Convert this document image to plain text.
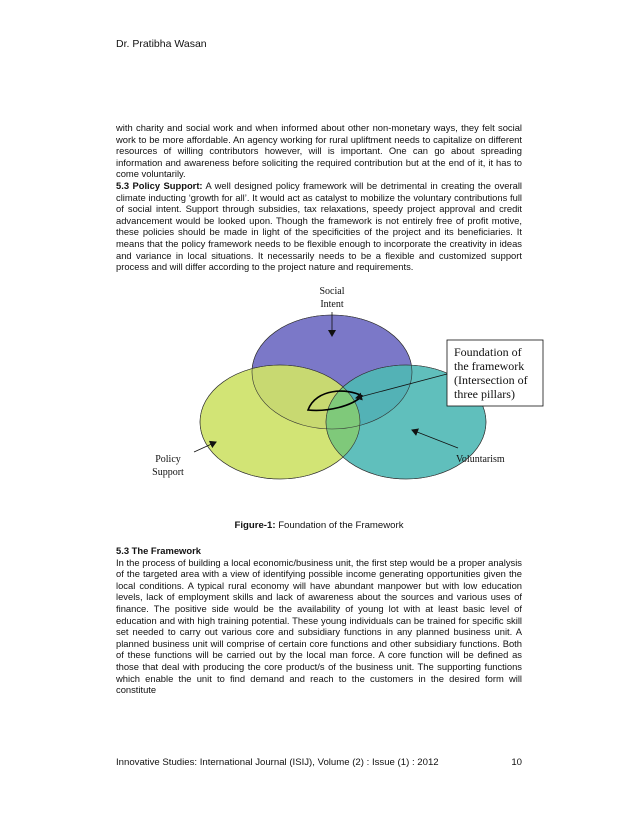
Dr. Pratibha Wasan

with charity and social work and when informed about other non-monetary ways, they felt social work to be more affordable. An agency working for rural upliftment needs to capitalize on different resources of willing contributors however, will is important. One can go about spreading information and awareness before soliciting the required contribution but at the end of it, it has to come voluntarily.

5.3 Policy Support: A well designed policy framework will be detrimental in creating the overall climate inducting ‘growth for all’. It would act as catalyst to mobilize the voluntary contributions full of social intent. Support through subsidies, tax relaxations, speedy project approval and credit advancement would be looked upon. Though the framework is not entirely free of profit motive, these policies should be made in light of the specificities of the project and its beneficiaries. It means that the policy framework needs to be flexible enough to incorporate the creativity in ideas and variance in local situations. It necessarily needs to be a flexible and customized support process and will differ according to the project nature and requirements.

Social
Intent
Policy
Support
Voluntarism
Foundation of
the framework
(Intersection of
three pillars)
Figure-1: Foundation of the Framework
5.3 The Framework

In the process of building a local economic/business unit, the first step would be a proper analysis of the targeted area with a view of identifying possible income generating opportunities given the local conditions. A typical rural economy will have abundant manpower but with low education levels, lack of employment skills and lack of awareness about the sources and various uses of finance. The positive side would be the availability of young lot with at least basic level of education and with high training potential. These young individuals can be trained for specific skill set needed to carry out various core and subsidiary functions in any planned business unit. A planned business unit will comprise of certain core functions and other subsidiary functions. Both of these functions will be carried out by the local man force. A core function will be defined as those that deal with producing the core product/s of the business unit. The supporting functions which enable the unit to find demand and reach to the customers in the desired form will constitute

Innovative Studies: International Journal (ISIJ), Volume (2) : Issue (1) : 2012	10
